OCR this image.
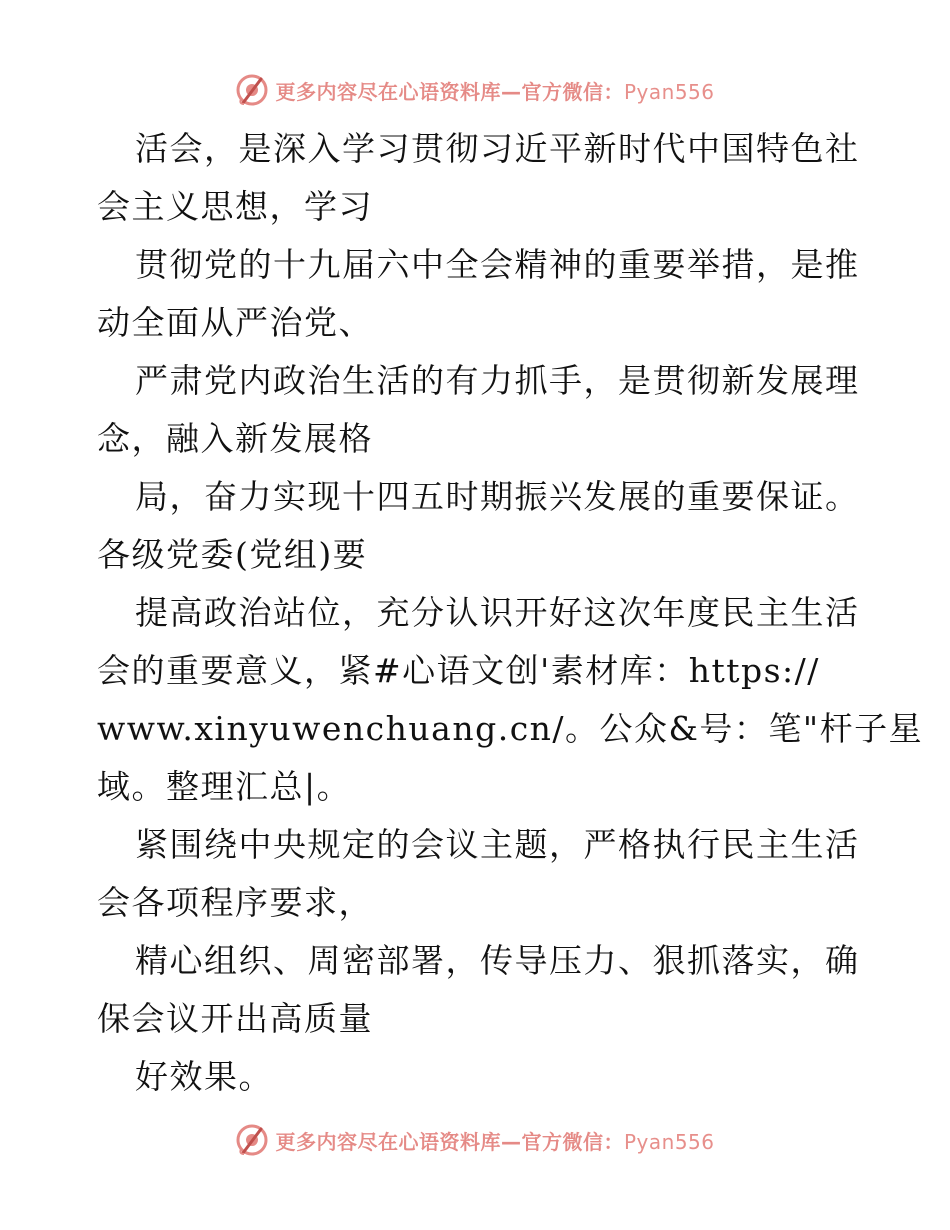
更多内容尽在心语资料库—官方微信：Pyan556
活会，是深入学习贯彻习近平新时代中国特色社
会主义思想，学习
贯彻党的十九届六中全会精神的重要举措，是推
动全面从严治党、
严肃党内政治生活的有力抓手，是贯彻新发展理
念，融入新发展格
局，奋力实现十四五时期振兴发展的重要保证。
各级党委(党组)要
提高政治站位，充分认识开好这次年度民主生活
会的重要意义，紧#心语文创'素材库：https://
www.xinyuwenchuang.cn/。公众&号：笔"杆子星
域。整理汇总|。
紧围绕中央规定的会议主题，严格执行民主生活
会各项程序要求，
精心组织、周密部署，传导压力、狠抓落实，确
保会议开出高质量
好效果。
更多内容尽在心语资料库—官方微信：Pyan556
